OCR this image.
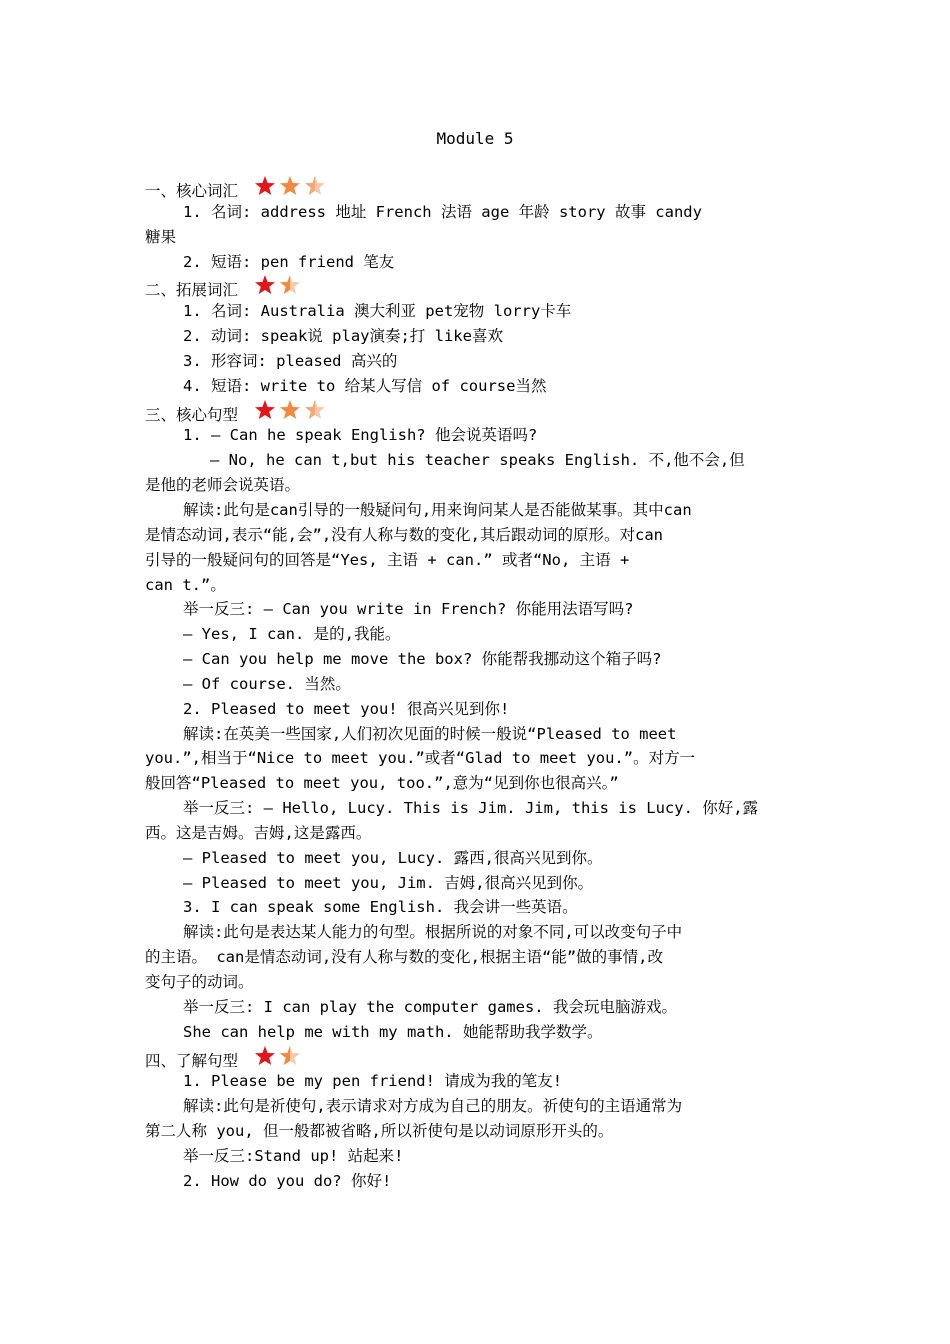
Module 5
一、核心词汇
1. 名词: address 地址 French 法语 age 年龄 story 故事 candy
糖果
2. 短语: pen friend 笔友
二、拓展词汇
1. 名词: Australia 澳大利亚 pet宠物 lorry卡车
2. 动词: speak说 play演奏;打 like喜欢
3. 形容词: pleased 高兴的
4. 短语: write to 给某人写信 of course当然
三、核心句型
1. — Can he speak English? 他会说英语吗?
— No, he can t,but his teacher speaks English. 不,他不会,但
是他的老师会说英语。
解读:此句是can引导的一般疑问句,用来询问某人是否能做某事。其中can
是情态动词,表示“能,会”,没有人称与数的变化,其后跟动词的原形。对can
引导的一般疑问句的回答是“Yes, 主语 + can.” 或者“No, 主语 +
can t.”。
举一反三: — Can you write in French? 你能用法语写吗?
— Yes, I can. 是的,我能。
— Can you help me move the box? 你能帮我挪动这个箱子吗?
— Of course. 当然。
2. Pleased to meet you! 很高兴见到你!
解读:在英美一些国家,人们初次见面的时候一般说“Pleased to meet
you.”,相当于“Nice to meet you.”或者“Glad to meet you.”。对方一
般回答“Pleased to meet you, too.”,意为“见到你也很高兴。”
举一反三: — Hello, Lucy. This is Jim. Jim, this is Lucy. 你好,露
西。这是吉姆。吉姆,这是露西。
— Pleased to meet you, Lucy. 露西,很高兴见到你。
— Pleased to meet you, Jim. 吉姆,很高兴见到你。
3. I can speak some English. 我会讲一些英语。
解读:此句是表达某人能力的句型。根据所说的对象不同,可以改变句子中
的主语。 can是情态动词,没有人称与数的变化,根据主语“能”做的事情,改
变句子的动词。
举一反三: I can play the computer games. 我会玩电脑游戏。
She can help me with my math. 她能帮助我学数学。
四、了解句型
1. Please be my pen friend! 请成为我的笔友!
解读:此句是祈使句,表示请求对方成为自己的朋友。祈使句的主语通常为
第二人称 you, 但一般都被省略,所以祈使句是以动词原形开头的。
举一反三:Stand up! 站起来!
2. How do you do? 你好!
